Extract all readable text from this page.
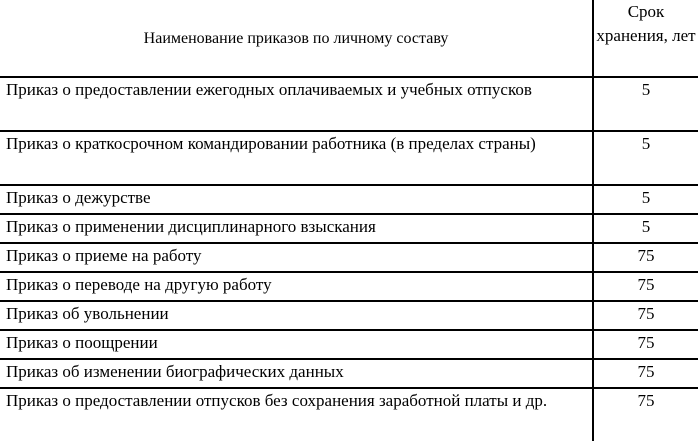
Наименование приказов по личному составу	Срок хранения, лет
Приказ о предоставлении ежегодных оплачиваемых и учебных отпусков	5
Приказ о краткосрочном командировании работника (в пределах страны)	5
Приказ о дежурстве	5
Приказ о применении дисциплинарного взыскания	5
Приказ о приеме на работу	75
Приказ о переводе на другую работу	75
Приказ об увольнении	75
Приказ о поощрении	75
Приказ об изменении биографических данных	75
Приказ о предоставлении отпусков без сохранения заработной платы и др.	75
